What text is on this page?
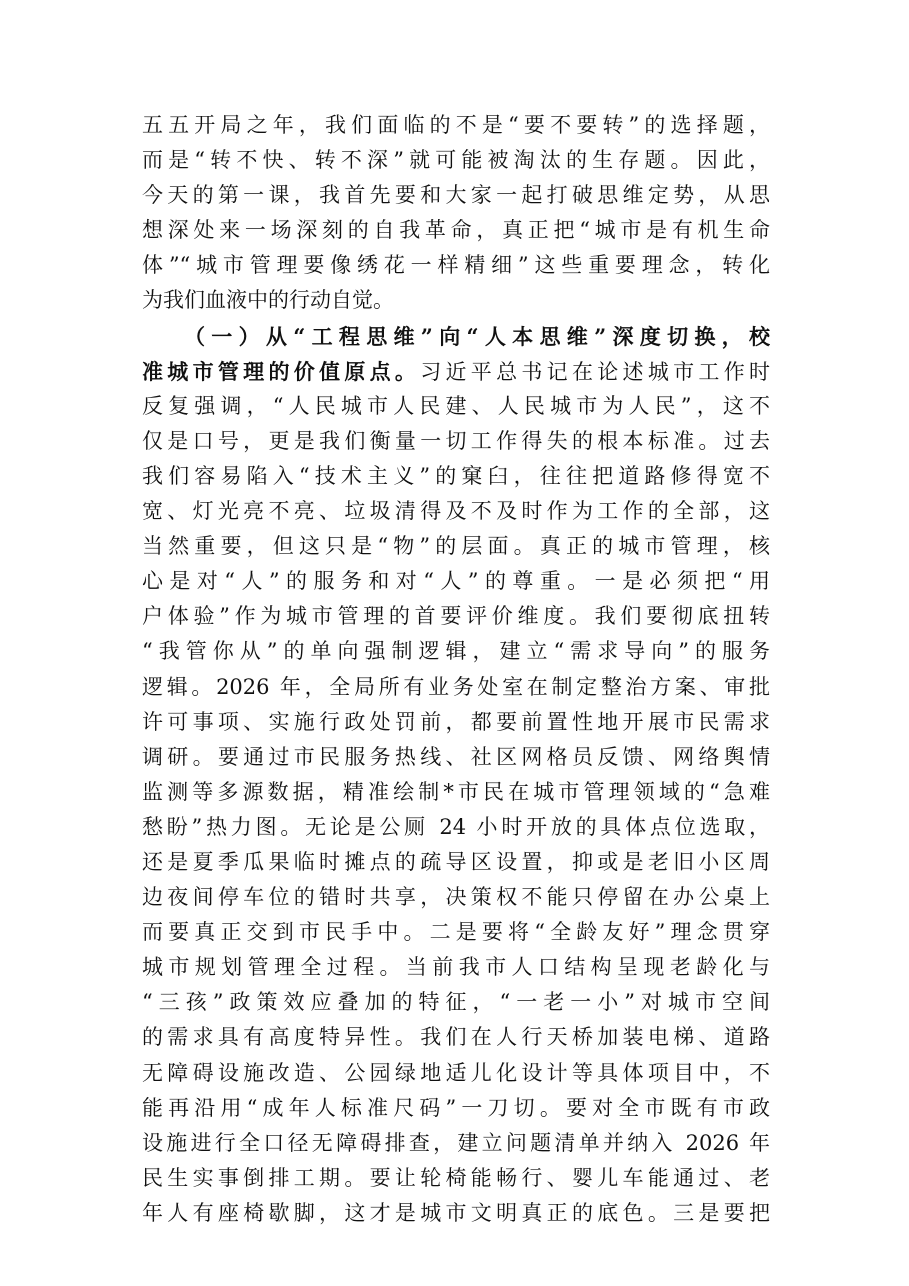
五五开局之年，我们面临的不是“要不要转”的选择题，
而是“转不快、转不深”就可能被淘汰的生存题。因此，
今天的第一课，我首先要和大家一起打破思维定势，从思
想深处来一场深刻的自我革命，真正把“城市是有机生命
体”“城市管理要像绣花一样精细”这些重要理念，转化
为我们血液中的行动自觉。
（一）从“工程思维”向“人本思维”深度切换，校
准城市管理的价值原点。习近平总书记在论述城市工作时
反复强调，“人民城市人民建、人民城市为人民”，这不
仅是口号，更是我们衡量一切工作得失的根本标准。过去
我们容易陷入“技术主义”的窠臼，往往把道路修得宽不
宽、灯光亮不亮、垃圾清得及不及时作为工作的全部，这
当然重要，但这只是“物”的层面。真正的城市管理，核
心是对“人”的服务和对“人”的尊重。一是必须把“用
户体验”作为城市管理的首要评价维度。我们要彻底扭转
“我管你从”的单向强制逻辑，建立“需求导向”的服务
逻辑。2026 年，全局所有业务处室在制定整治方案、审批
许可事项、实施行政处罚前，都要前置性地开展市民需求
调研。要通过市民服务热线、社区网格员反馈、网络舆情
监测等多源数据，精准绘制*市民在城市管理领域的“急难
愁盼”热力图。无论是公厕 24 小时开放的具体点位选取，
还是夏季瓜果临时摊点的疏导区设置，抑或是老旧小区周
边夜间停车位的错时共享，决策权不能只停留在办公桌上
而要真正交到市民手中。二是要将“全龄友好”理念贯穿
城市规划管理全过程。当前我市人口结构呈现老龄化与
“三孩”政策效应叠加的特征，“一老一小”对城市空间
的需求具有高度特异性。我们在人行天桥加装电梯、道路
无障碍设施改造、公园绿地适儿化设计等具体项目中，不
能再沿用“成年人标准尺码”一刀切。要对全市既有市政
设施进行全口径无障碍排查，建立问题清单并纳入 2026 年
民生实事倒排工期。要让轮椅能畅行、婴儿车能通过、老
年人有座椅歇脚，这才是城市文明真正的底色。三是要把
